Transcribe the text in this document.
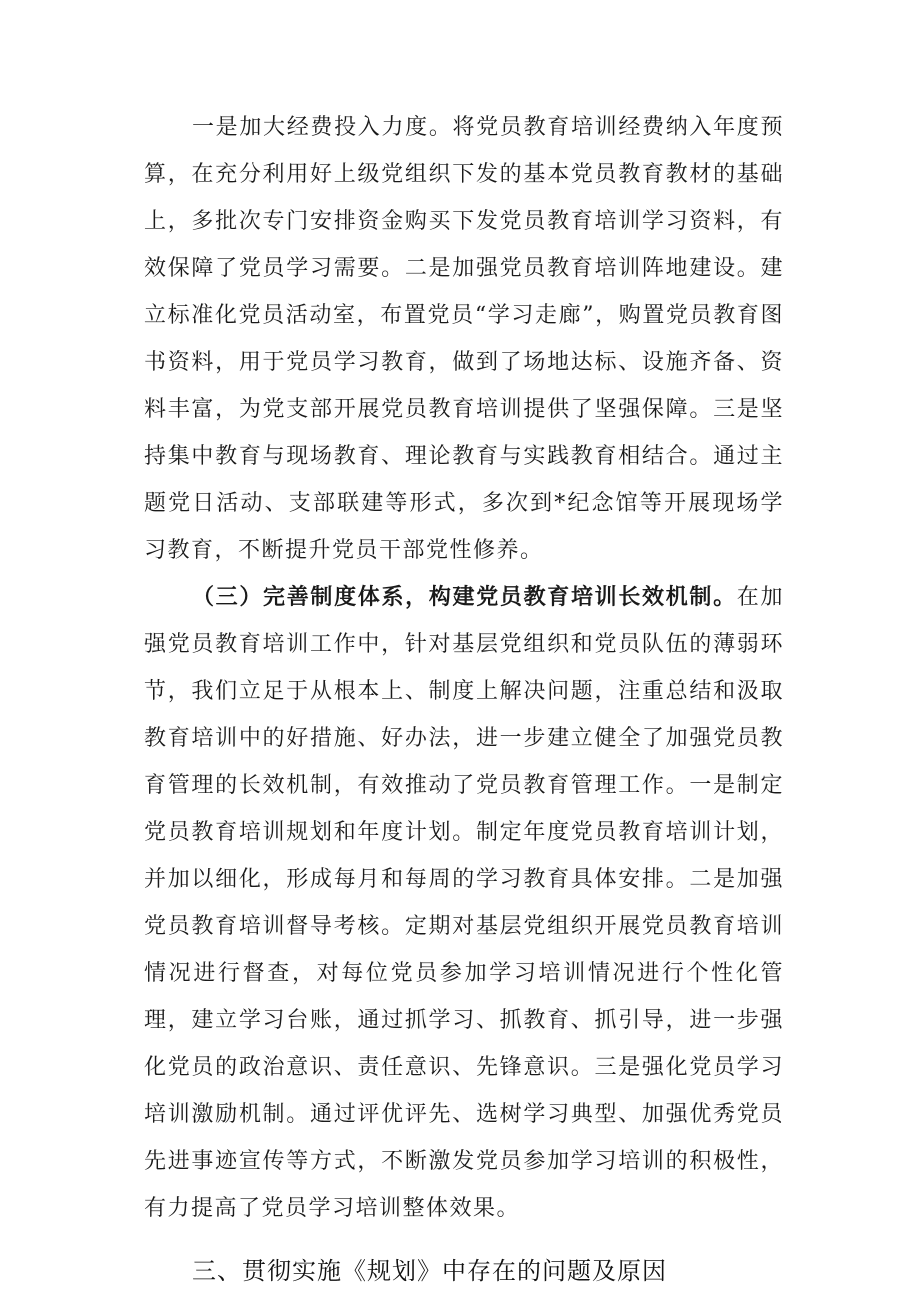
一是加大经费投入力度。将党员教育培训经费纳入年度预算，在充分利用好上级党组织下发的基本党员教育教材的基础上，多批次专门安排资金购买下发党员教育培训学习资料，有效保障了党员学习需要。二是加强党员教育培训阵地建设。建立标准化党员活动室，布置党员“学习走廊”，购置党员教育图书资料，用于党员学习教育，做到了场地达标、设施齐备、资料丰富，为党支部开展党员教育培训提供了坚强保障。三是坚持集中教育与现场教育、理论教育与实践教育相结合。通过主题党日活动、支部联建等形式，多次到*纪念馆等开展现场学习教育，不断提升党员干部党性修养。

（三）完善制度体系，构建党员教育培训长效机制。在加强党员教育培训工作中，针对基层党组织和党员队伍的薄弱环节，我们立足于从根本上、制度上解决问题，注重总结和汲取教育培训中的好措施、好办法，进一步建立健全了加强党员教育管理的长效机制，有效推动了党员教育管理工作。一是制定党员教育培训规划和年度计划。制定年度党员教育培训计划，并加以细化，形成每月和每周的学习教育具体安排。二是加强党员教育培训督导考核。定期对基层党组织开展党员教育培训情况进行督查，对每位党员参加学习培训情况进行个性化管理，建立学习台账，通过抓学习、抓教育、抓引导，进一步强化党员的政治意识、责任意识、先锋意识。三是强化党员学习培训激励机制。通过评优评先、选树学习典型、加强优秀党员先进事迹宣传等方式，不断激发党员参加学习培训的积极性，有力提高了党员学习培训整体效果。

三、贯彻实施《规划》中存在的问题及原因
